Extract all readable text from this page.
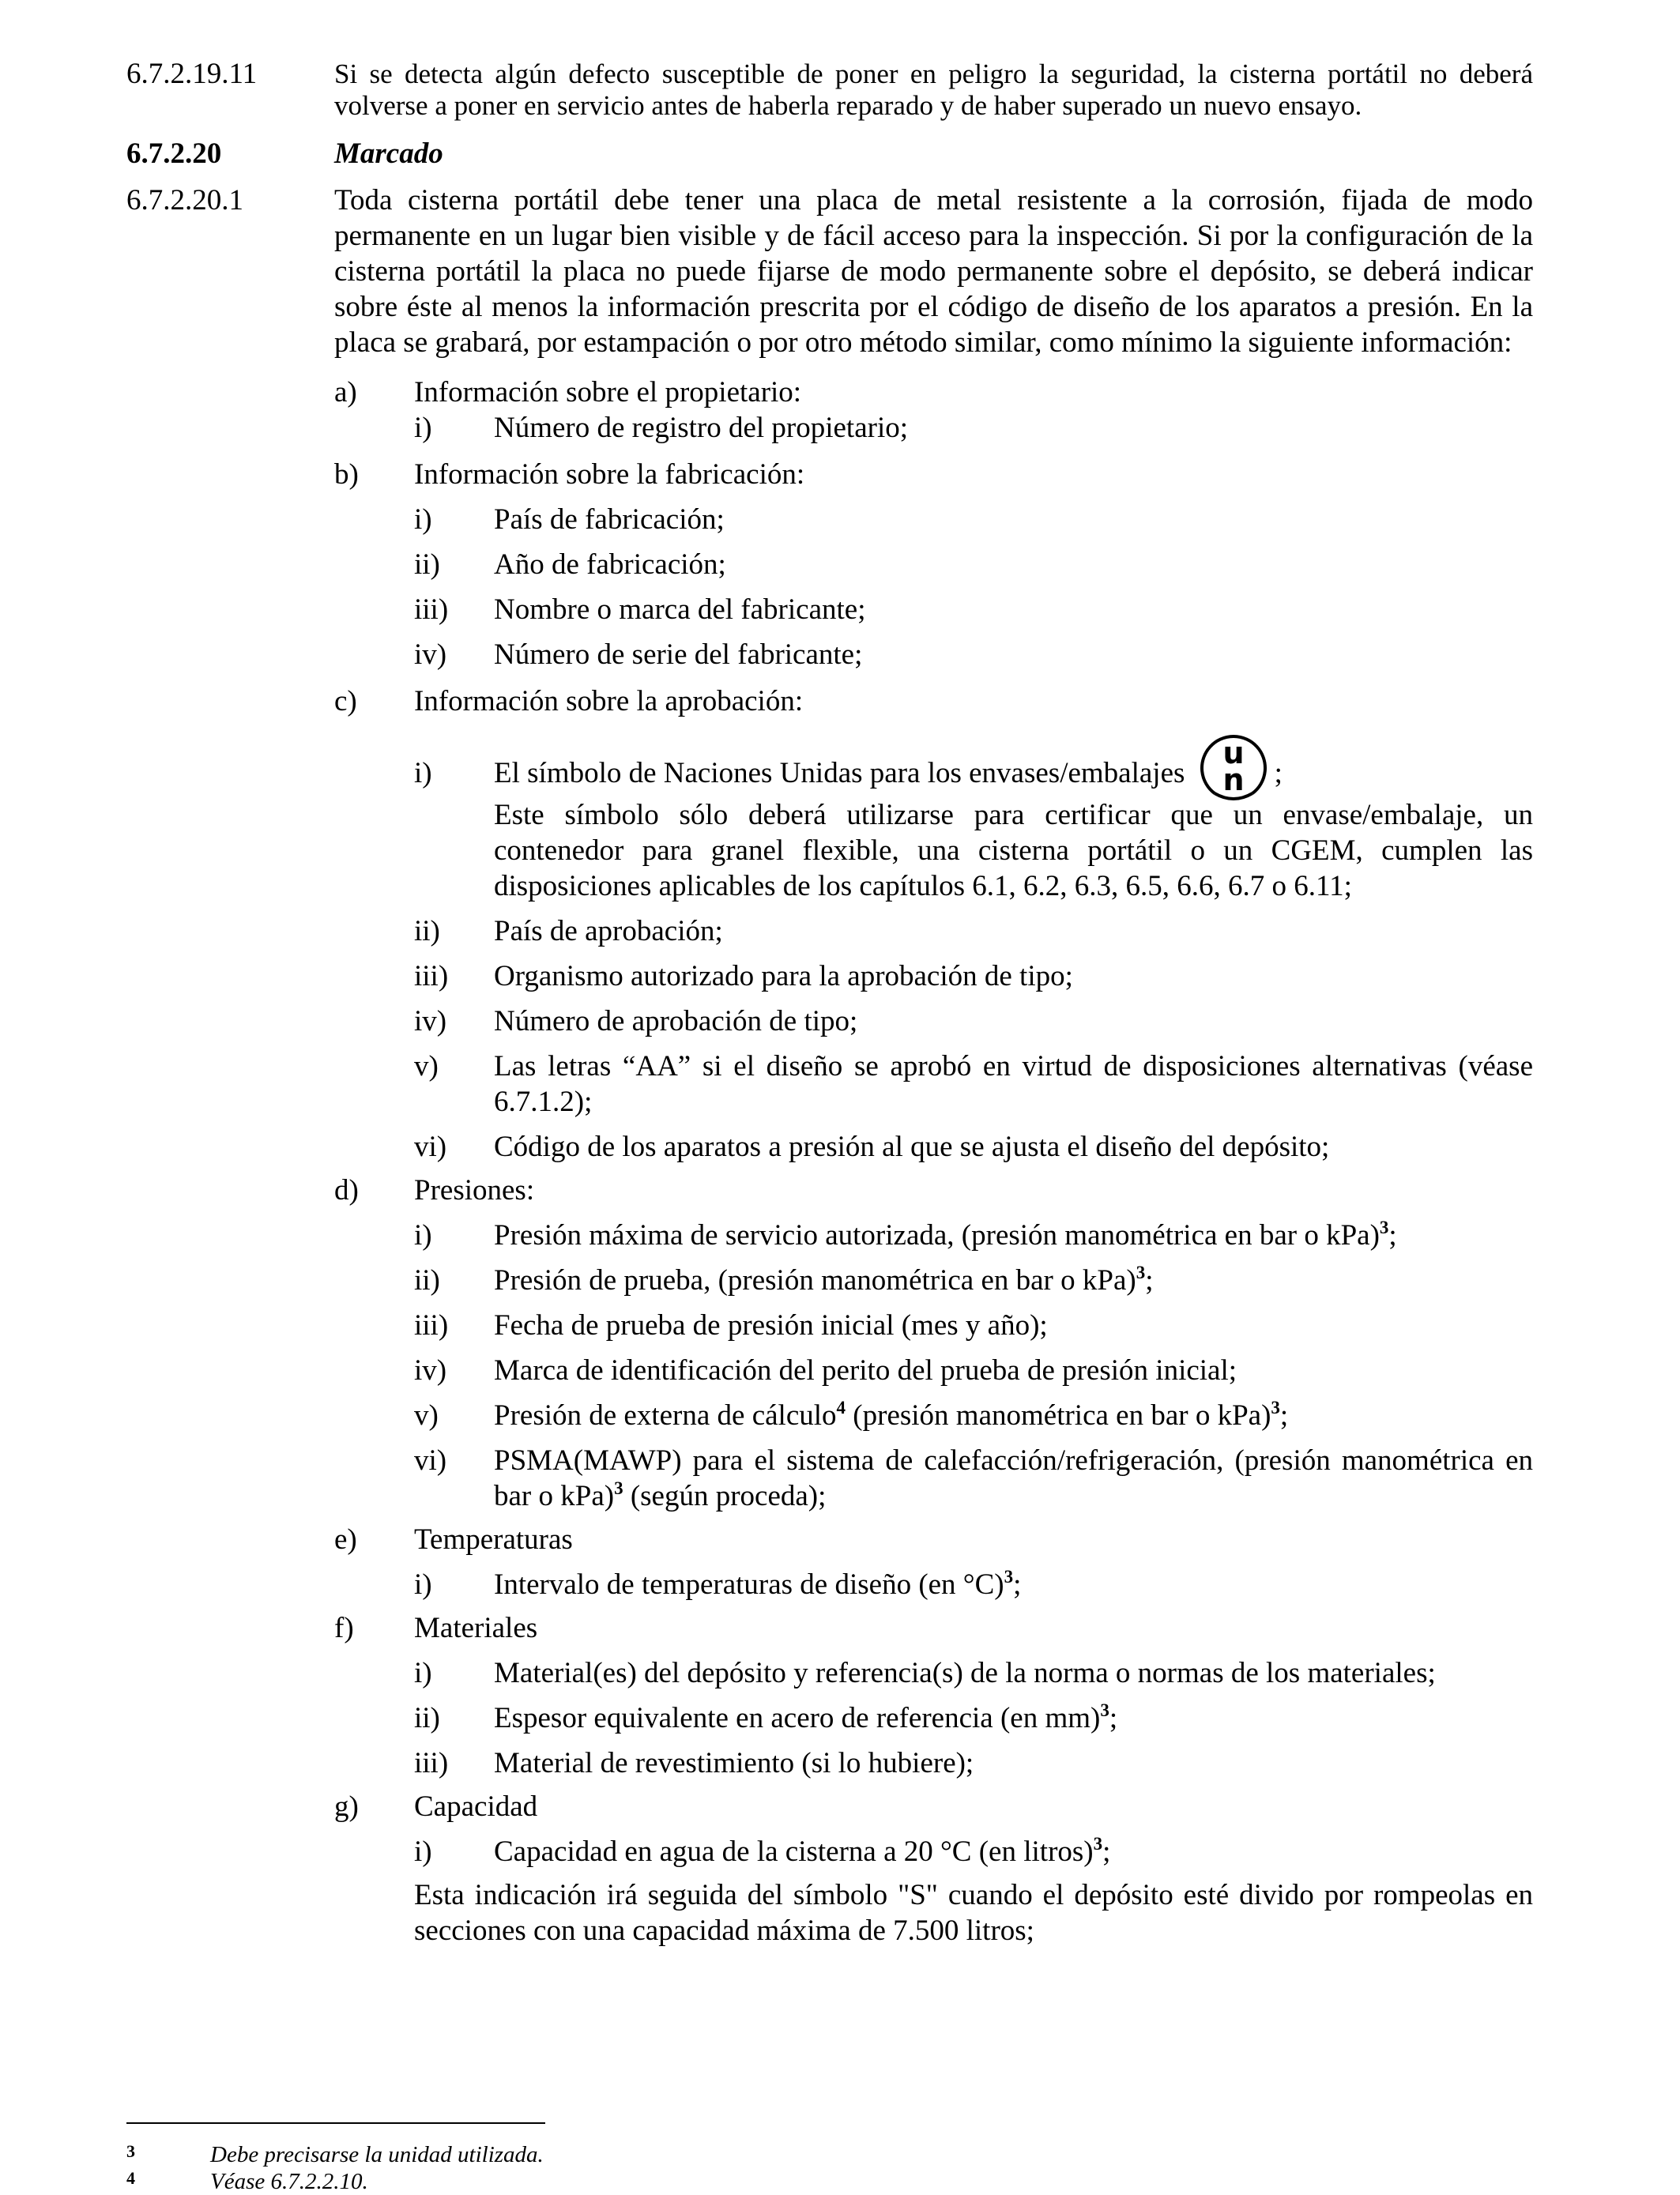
6.7.2.19.11	Si se detecta algún defecto susceptible de poner en peligro la seguridad, la cisterna portátil no deberá volverse a poner en servicio antes de haberla reparado y de haber superado un nuevo ensayo.
6.7.2.20	Marcado
6.7.2.20.1	Toda cisterna portátil debe tener una placa de metal resistente a la corrosión, fijada de modo permanente en un lugar bien visible y de fácil acceso para la inspección. Si por la configuración de la cisterna portátil la placa no puede fijarse de modo permanente sobre el depósito, se deberá indicar sobre éste al menos la información prescrita por el código de diseño de los aparatos a presión. En la placa se grabará, por estampación o por otro método similar, como mínimo la siguiente información:
a) Información sobre el propietario:
i) Número de registro del propietario;
b) Información sobre la fabricación:
i) País de fabricación;
ii) Año de fabricación;
iii) Nombre o marca del fabricante;
iv) Número de serie del fabricante;
c) Información sobre la aprobación:
i) El símbolo de Naciones Unidas para los envases/embalajes
u
n ;
Este símbolo sólo deberá utilizarse para certificar que un envase/embalaje, un contenedor para granel flexible, una cisterna portátil o un CGEM, cumplen las disposiciones aplicables de los capítulos 6.1, 6.2, 6.3, 6.5, 6.6, 6.7 o 6.11;
ii) País de aprobación;
iii) Organismo autorizado para la aprobación de tipo;
iv) Número de aprobación de tipo;
v) Las letras “AA” si el diseño se aprobó en virtud de disposiciones alternativas (véase 6.7.1.2);
vi) Código de los aparatos a presión al que se ajusta el diseño del depósito;
d) Presiones:
i) Presión máxima de servicio autorizada, (presión manométrica en bar o kPa)$^3$;
ii) Presión de prueba, (presión manométrica en bar o kPa)$^3$;
iii) Fecha de prueba de presión inicial (mes y año);
iv) Marca de identificación del perito del prueba de presión inicial;
v) Presión de externa de cálculo$^4$ (presión manométrica en bar o kPa)$^3$;
vi) PSMA(MAWP) para el sistema de calefacción/refrigeración, (presión manométrica en bar o kPa)$^3$ (según proceda);
e) Temperaturas
i) Intervalo de temperaturas de diseño (en °C)$^3$;
f) Materiales
i) Material(es) del depósito y referencia(s) de la norma o normas de los materiales;
ii) Espesor equivalente en acero de referencia (en mm)$^3$;
iii) Material de revestimiento (si lo hubiere);
g) Capacidad
i) Capacidad en agua de la cisterna a 20 °C (en litros)$^3$;
Esta indicación irá seguida del símbolo "S" cuando el depósito esté divido por rompeolas en secciones con una capacidad máxima de 7.500 litros;
3	Debe precisarse la unidad utilizada.
4	Véase 6.7.2.2.10.
